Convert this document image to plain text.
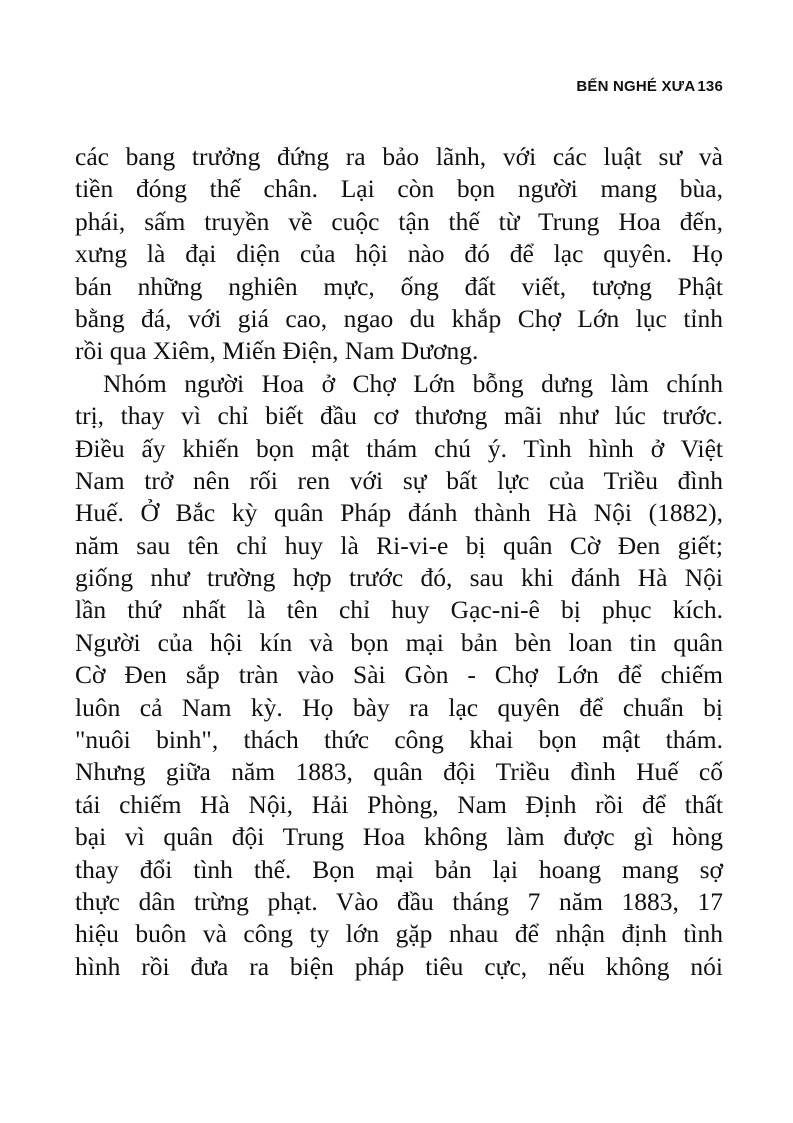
BẾN NGHÉ XƯA 136
các bang trưởng đứng ra bảo lãnh, với các luật sư và
tiền đóng thế chân. Lại còn bọn người mang bùa,
phái, sấm truyền về cuộc tận thế từ Trung Hoa đến,
xưng là đại diện của hội nào đó để lạc quyên. Họ
bán những nghiên mực, ống đất viết, tượng Phật
bằng đá, với giá cao, ngao du khắp Chợ Lớn lục tỉnh
rồi qua Xiêm, Miến Điện, Nam Dương.
Nhóm người Hoa ở Chợ Lớn bỗng dưng làm chính
trị, thay vì chỉ biết đầu cơ thương mãi như lúc trước.
Điều ấy khiến bọn mật thám chú ý. Tình hình ở Việt
Nam trở nên rối ren với sự bất lực của Triều đình
Huế. Ở Bắc kỳ quân Pháp đánh thành Hà Nội (1882),
năm sau tên chỉ huy là Ri-vi-e bị quân Cờ Đen giết;
giống như trường hợp trước đó, sau khi đánh Hà Nội
lần thứ nhất là tên chỉ huy Gạc-ni-ê bị phục kích.
Người của hội kín và bọn mại bản bèn loan tin quân
Cờ Đen sắp tràn vào Sài Gòn - Chợ Lớn để chiếm
luôn cả Nam kỳ. Họ bày ra lạc quyên để chuẩn bị
"nuôi binh", thách thức công khai bọn mật thám.
Nhưng giữa năm 1883, quân đội Triều đình Huế cố
tái chiếm Hà Nội, Hải Phòng, Nam Định rồi để thất
bại vì quân đội Trung Hoa không làm được gì hòng
thay đổi tình thế. Bọn mại bản lại hoang mang sợ
thực dân trừng phạt. Vào đầu tháng 7 năm 1883, 17
hiệu buôn và công ty lớn gặp nhau để nhận định tình
hình rồi đưa ra biện pháp tiêu cực, nếu không nói
